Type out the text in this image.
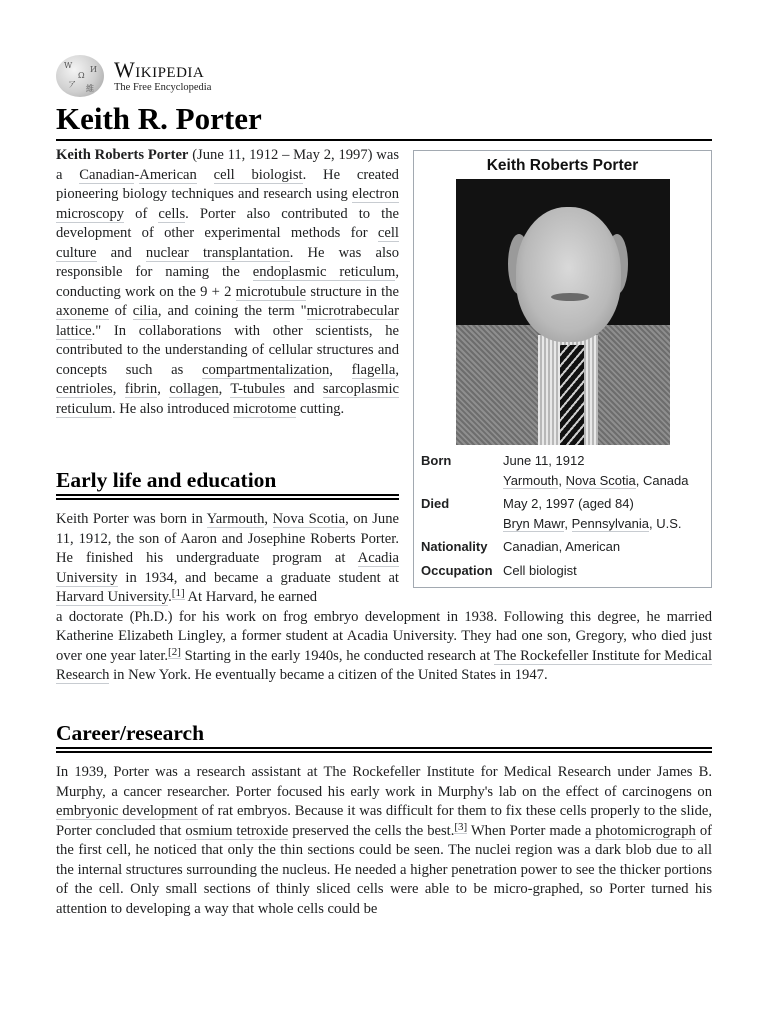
W
Ω
И
ア 維
Wikipedia
The Free Encyclopedia
Keith R. Porter
Keith Roberts Porter (June 11, 1912 – May 2, 1997) was a Canadian-American cell biologist. He created pioneering biology techniques and research using electron microscopy of cells. Porter also contributed to the development of other experimental methods for cell culture and nuclear transplantation. He was also responsible for naming the endoplasmic reticulum, conducting work on the 9 + 2 microtubule structure in the axoneme of cilia, and coining the term "microtrabecular lattice." In collaborations with other scientists, he contributed to the understanding of cellular structures and concepts such as compartmentalization, flagella, centrioles, fibrin, collagen, T-tubules and sarcoplasmic reticulum. He also introduced microtome cutting.
Keith Roberts Porter
Born	June 11, 1912
Yarmouth, Nova Scotia, Canada
Died	May 2, 1997 (aged 84)
Bryn Mawr, Pennsylvania, U.S.
Nationality	Canadian, American
Occupation Cell biologist
Early life and education
Keith Porter was born in Yarmouth, Nova Scotia, on June 11, 1912, the son of Aaron and Josephine Roberts Porter. He finished his undergraduate program at Acadia University in 1934, and became a graduate student at Harvard University.[1] At Harvard, he earned
a doctorate (Ph.D.) for his work on frog embryo development in 1938. Following this degree, he married Katherine Elizabeth Lingley, a former student at Acadia University. They had one son, Gregory, who died just over one year later.[2] Starting in the early 1940s, he conducted research at The Rockefeller Institute for Medical Research in New York. He eventually became a citizen of the United States in 1947.
Career/research
In 1939, Porter was a research assistant at The Rockefeller Institute for Medical Research under James B. Murphy, a cancer researcher. Porter focused his early work in Murphy's lab on the effect of carcinogens on embryonic development of rat embryos. Because it was difficult for them to fix these cells properly to the slide, Porter concluded that osmium tetroxide preserved the cells the best.[3] When Porter made a photomicrograph of the first cell, he noticed that only the thin sections could be seen. The nuclei region was a dark blob due to all the internal structures surrounding the nucleus. He needed a higher penetration power to see the thicker portions of the cell. Only small sections of thinly sliced cells were able to be micro-graphed, so Porter turned his attention to developing a way that whole cells could be
